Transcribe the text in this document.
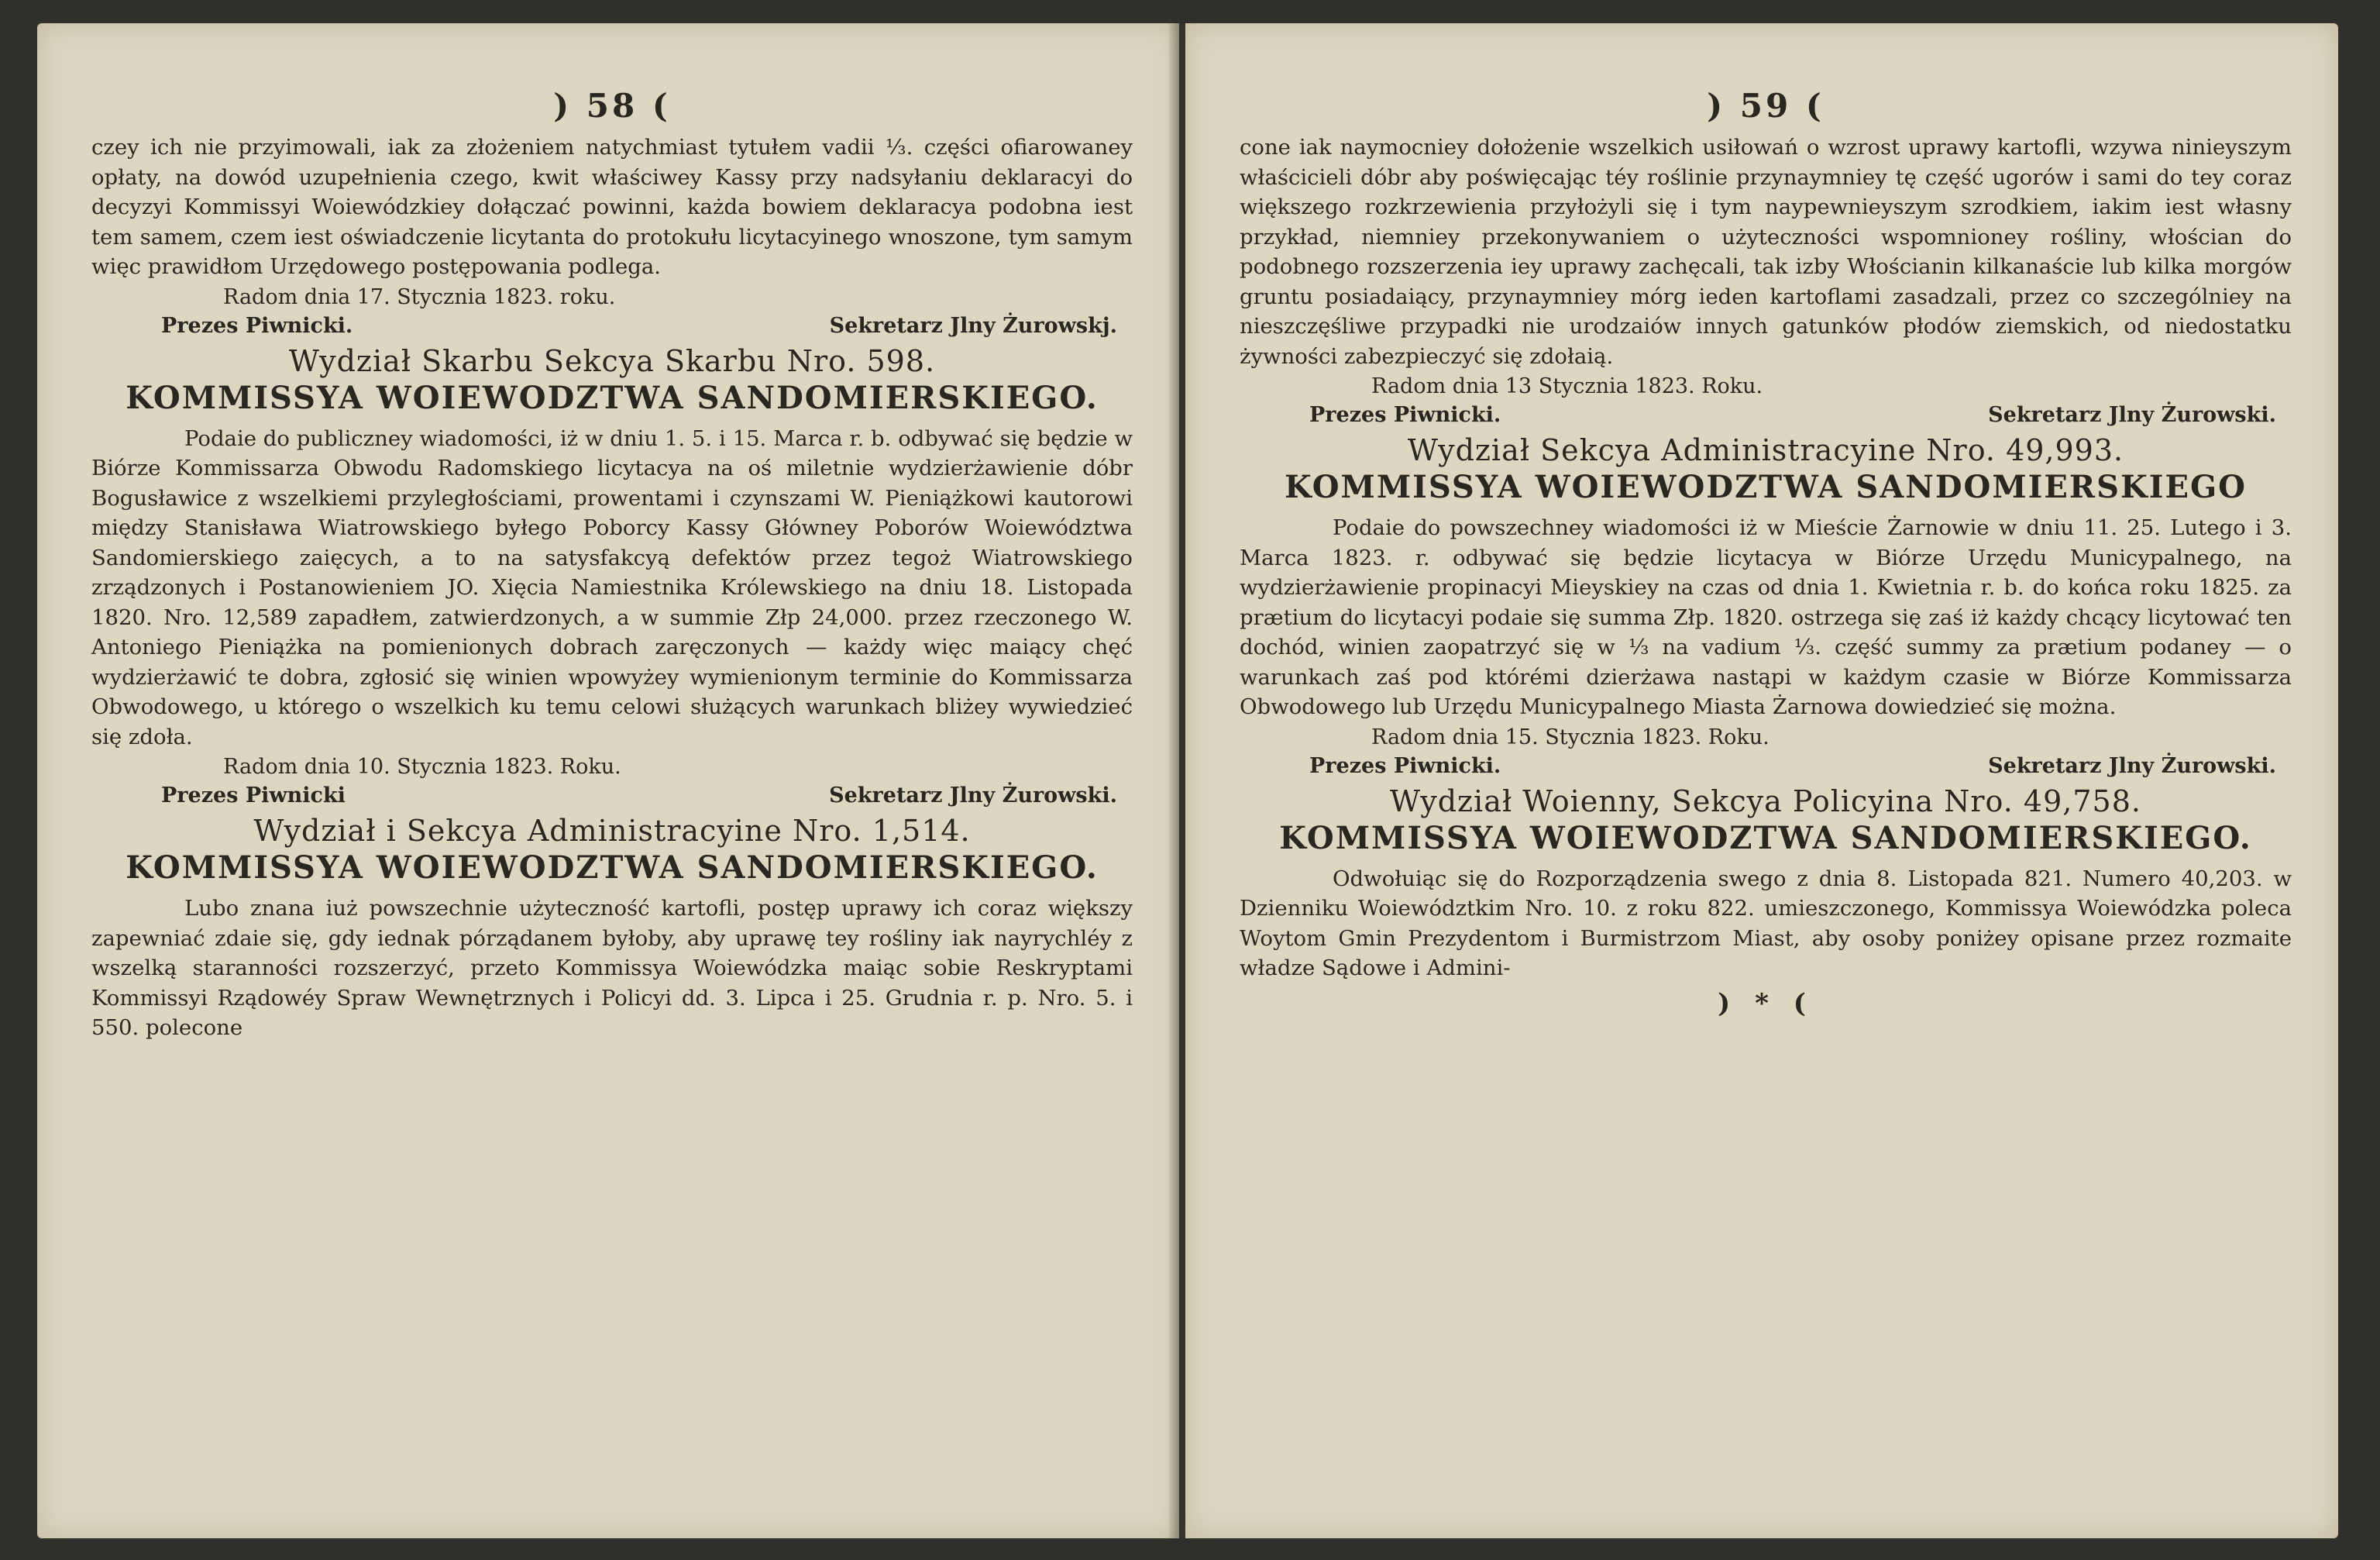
) 58 (

czey ich nie przyimowali, iak za złożeniem natychmiast tytułem vadii ⅓. części ofiarowaney opłaty, na dowód uzupełnienia czego, kwit właściwey Kassy przy nadsyłaniu deklaracyi do decyzyi Kommissyi Woiewódzkiey dołączać powinni, każda bowiem deklaracya podobna iest tem samem, czem iest oświadczenie licytanta do protokułu licytacyinego wnoszone, tym samym więc prawidłom Urzędowego postępowania podlega.

Radom dnia 17. Stycznia 1823. roku.
Prezes Piwnicki.	Sekretarz Jlny Żurowskj.
Wydział Skarbu Sekcya Skarbu Nro. 598.
KOMMISSYA WOIEWODZTWA SANDOMIERSKIEGO.

Podaie do publiczney wiadomości, iż w dniu 1. 5. i 15. Marca r. b. odbywać się będzie w Biórze Kommissarza Obwodu Radomskiego licytacya na oś miletnie wydzierżawienie dóbr Bogusławice z wszelkiemi przyległościami, prowentami i czynszami W. Pieniążkowi kautorowi między Stanisława Wiatrowskiego byłego Poborcy Kassy Główney Poborów Woiewództwa Sandomierskiego zaięcych, a to na satysfakcyą defektów przez tegoż Wiatrowskiego zrządzonych i Postanowieniem JO. Xięcia Namiestnika Królewskiego na dniu 18. Listopada 1820. Nro. 12,589 zapadłem, zatwierdzonych, a w summie Złp 24,000. przez rzeczonego W. Antoniego Pieniążka na pomienionych dobrach zaręczonych — każdy więc maiący chęć wydzierżawić te dobra, zgłosić się winien wpowyżey wymienionym terminie do Kommissarza Obwodowego, u którego o wszelkich ku temu celowi służących warunkach bliżey wywiedzieć się zdoła.

Radom dnia 10. Stycznia 1823. Roku.
Prezes Piwnicki	Sekretarz Jlny Żurowski.
Wydział i Sekcya Administracyine Nro. 1,514.
KOMMISSYA WOIEWODZTWA SANDOMIERSKIEGO.

Lubo znana iuż powszechnie użyteczność kartofli, postęp uprawy ich coraz większy zapewniać zdaie się, gdy iednak pórządanem byłoby, aby uprawę tey rośliny iak nayrychléy z wszelką staranności rozszerzyć, przeto Kommissya Woiewódzka maiąc sobie Reskryptami Kommissyi Rządowéy Spraw Wewnętrznych i Policyi dd. 3. Lipca i 25. Grudnia r. p. Nro. 5. i 550. polecone

) 59 (

cone iak naymocniey dołożenie wszelkich usiłowań o wzrost uprawy kartofli, wzywa ninieyszym właścicieli dóbr aby poświęcając téy roślinie przynaymniey tę część ugorów i sami do tey coraz większego rozkrzewienia przyłożyli się i tym naypewnieyszym szrodkiem, iakim iest własny przykład, niemniey przekonywaniem o użyteczności wspomnioney rośliny, włościan do podobnego rozszerzenia iey uprawy zachęcali, tak izby Włościanin kilkanaście lub kilka morgów gruntu posiadaiący, przynaymniey mórg ieden kartoflami zasadzali, przez co szczególniey na nieszczęśliwe przypadki nie urodzaiów innych gatunków płodów ziemskich, od niedostatku żywności zabezpieczyć się zdołaią.

Radom dnia 13 Stycznia 1823. Roku.
Prezes Piwnicki.	Sekretarz Jlny Żurowski.
Wydział Sekcya Administracyine Nro. 49,993.
KOMMISSYA WOIEWODZTWA SANDOMIERSKIEGO

Podaie do powszechney wiadomości iż w Mieście Żarnowie w dniu 11. 25. Lutego i 3. Marca 1823. r. odbywać się będzie licytacya w Biórze Urzędu Municypalnego, na wydzierżawienie propinacyi Mieyskiey na czas od dnia 1. Kwietnia r. b. do końca roku 1825. za prætium do licytacyi podaie się summa Złp. 1820. ostrzega się zaś iż każdy chcący licytować ten dochód, winien zaopatrzyć się w ⅓ na vadium ⅓. część summy za prætium podaney — o warunkach zaś pod którémi dzierżawa nastąpi w każdym czasie w Biórze Kommissarza Obwodowego lub Urzędu Municypalnego Miasta Żarnowa dowiedzieć się można.

Radom dnia 15. Stycznia 1823. Roku.
Prezes Piwnicki.	Sekretarz Jlny Żurowski.
Wydział Woienny, Sekcya Policyina Nro. 49,758.
KOMMISSYA WOIEWODZTWA SANDOMIERSKIEGO.

Odwołuiąc się do Rozporządzenia swego z dnia 8. Listopada 821. Numero 40,203. w Dzienniku Woiewództkim Nro. 10. z roku 822. umieszczonego, Kommissya Woiewódzka poleca Woytom Gmin Prezydentom i Burmistrzom Miast, aby osoby poniżey opisane przez rozmaite władze Sądowe i Admini-

) * (
